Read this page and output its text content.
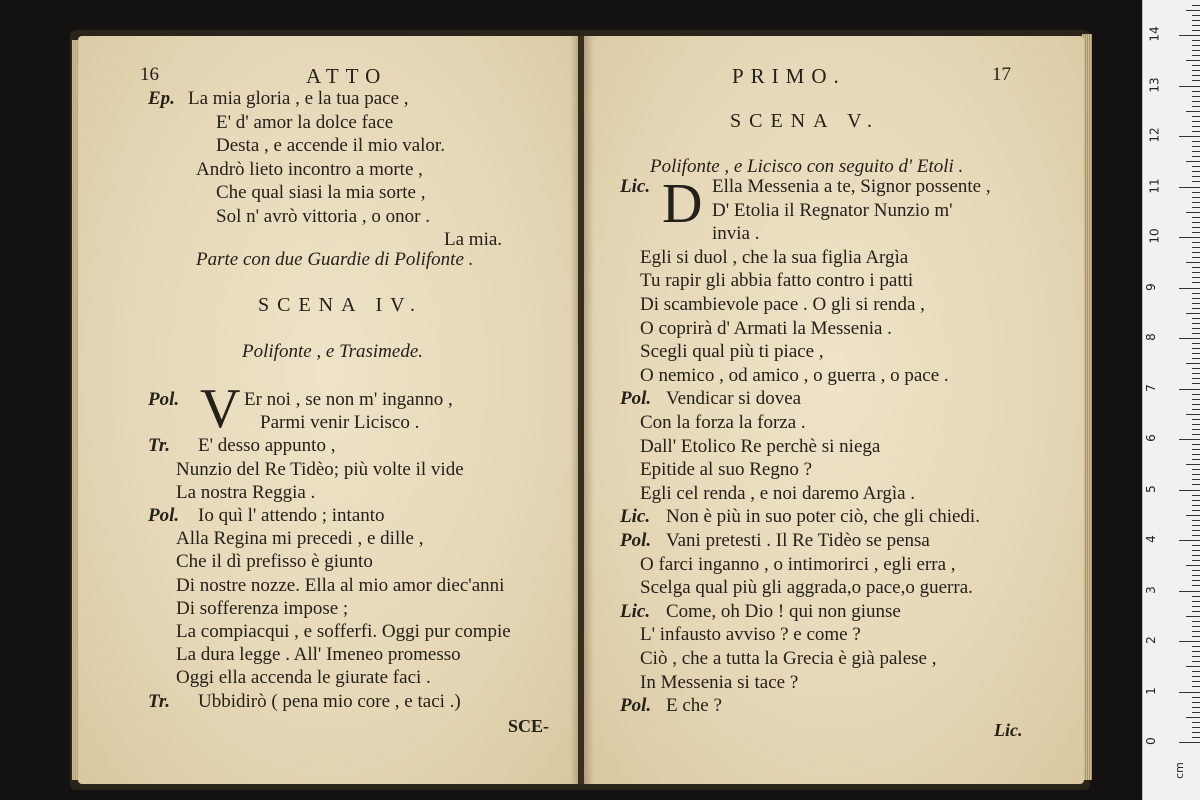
16	ATTO
Ep. La mia gloria , e la tua pace ,
E' d' amor la dolce face
Desta , e accende il mio valor.
Andrò lieto incontro a morte ,
Che qual siasi la mia sorte ,
Sol n' avrò vittoria , o onor .
La mia.
Parte con due Guardie di Polifonte .
SCENA IV.
Polifonte , e Trasimede.
V
Pol.	Er noi , se non m' inganno ,
Parmi venir Licisco .
Tr. E' desso appunto ,
Nunzio del Re Tidèo; più volte il vide
La nostra Reggia .
Pol. Io quì l' attendo ; intanto
Alla Regina mi precedi , e dille ,
Che il dì prefisso è giunto
Di nostre nozze. Ella al mio amor diec'anni
Di sofferenza impose ;
La compiacqui , e sofferfi. Oggi pur compie
La dura legge . All' Imeneo promesso
Oggi ella accenda le giurate faci .
Tr. Ubbidirò ( pena mio core , e taci .)
SCE-
PRIMO.	17
SCENA V.
Polifonte , e Licisco con seguito d' Etoli .
D
Lic.	Ella Messenia a te, Signor possente ,
D' Etolia il Regnator Nunzio m'
invia .
Egli si duol , che la sua figlia Argìa
Tu rapir gli abbia fatto contro i patti
Di scambievole pace . O gli si renda ,
O coprirà d' Armati la Messenia .
Scegli qual più ti piace ,
O nemico , od amico , o guerra , o pace .
Pol. Vendicar si dovea
Con la forza la forza .
Dall' Etolico Re perchè si niega
Epitide al suo Regno ?
Egli cel renda , e noi daremo Argìa .
Lic. Non è più in suo poter ciò, che gli chiedi.
Pol. Vani pretesti . Il Re Tidèo se pensa
O farci inganno , o intimorirci , egli erra ,
Scelga qual più gli aggrada,o pace,o guerra.
Lic. Come, oh Dio ! qui non giunse
L' infausto avviso ? e come ?
Ciò , che a tutta la Grecia è già palese ,
In Messenia si tace ?
Pol. E che ?
Lic.
0
1
2
3
4
5
6
7
8
9
10
11
12
13
14
cm
